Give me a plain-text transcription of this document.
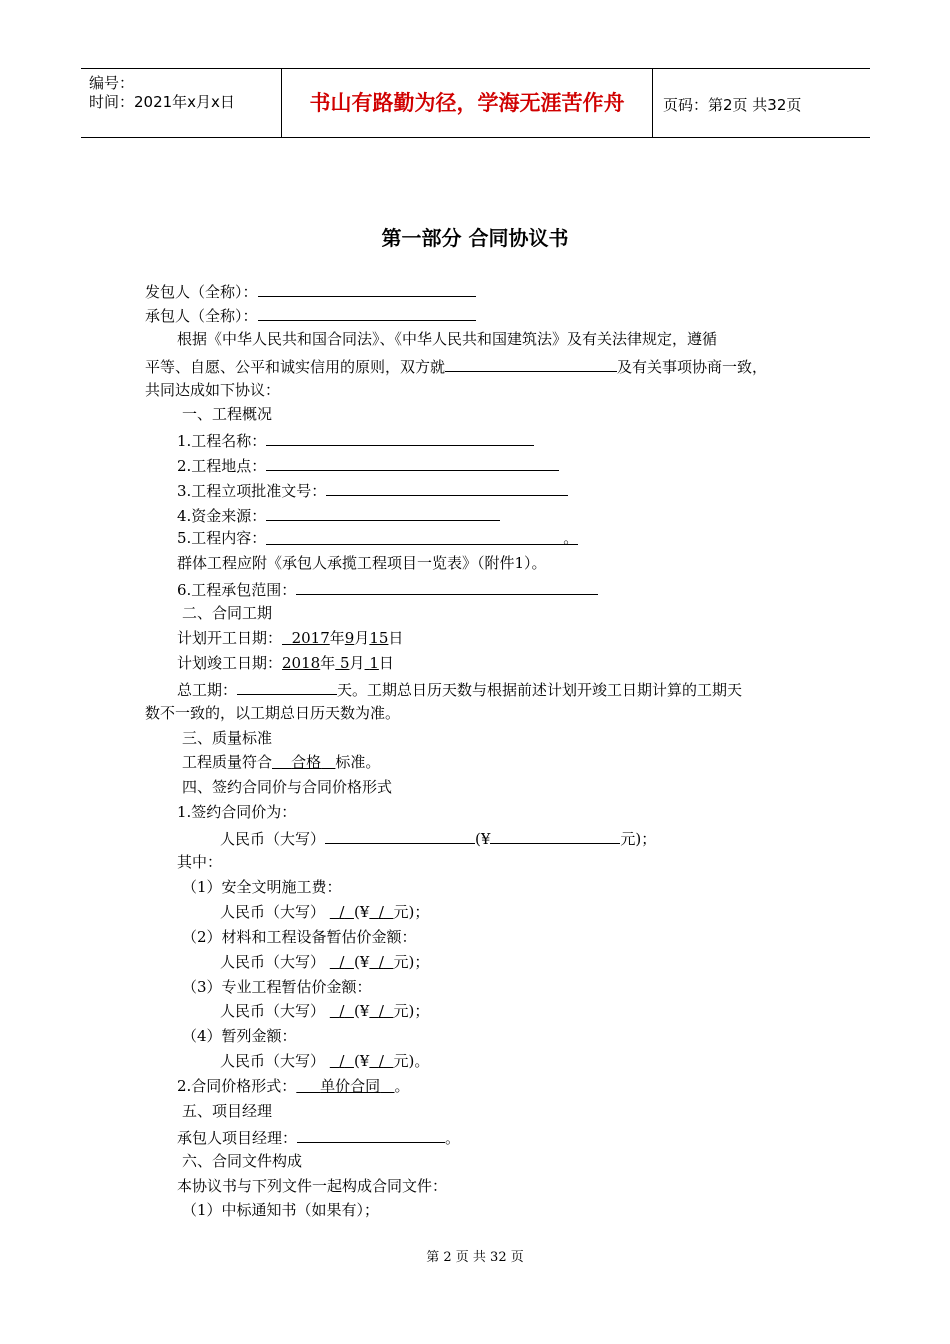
编号：
时间：2021年x月x日	书山有路勤为径，学海无涯苦作舟	页码：第2页 共32页
第一部分 合同协议书
发包人（全称）：
承包人（全称）：
根据《中华人民共和国合同法》、《中华人民共和国建筑法》及有关法律规定，遵循
平等、自愿、公平和诚实信用的原则，双方就	及有关事项协商一致，
共同达成如下协议：
一、工程概况
1.工程名称：
2.工程地点：
3.工程立项批准文号：
4.资金来源：
5.工程内容：	。
群体工程应附《承包人承揽工程项目一览表》（附件1）。
6.工程承包范围：
二、合同工期
计划开工日期： 2017年9月15日
计划竣工日期：2018年 5月 1日
总工期：	天。工期总日历天数与根据前述计划开竣工日期计算的工期天
数不一致的，以工期总日历天数为准。
三、质量标准
工程质量符合 合格 标准。
四、签约合同价与合同价格形式
1.签约合同价为：
人民币（大写）	(¥	元)；
其中：
（1）安全文明施工费：
人民币（大写） / (¥ / 元)；
（2）材料和工程设备暂估价金额：
人民币（大写） / (¥ / 元)；
（3）专业工程暂估价金额：
人民币（大写） / (¥ / 元)；
（4）暂列金额：
人民币（大写） / (¥ / 元)。
2.合同价格形式： 单价合同 。
五、项目经理
承包人项目经理：	。
六、合同文件构成
本协议书与下列文件一起构成合同文件：
（1）中标通知书（如果有）；
第 2 页 共 32 页
